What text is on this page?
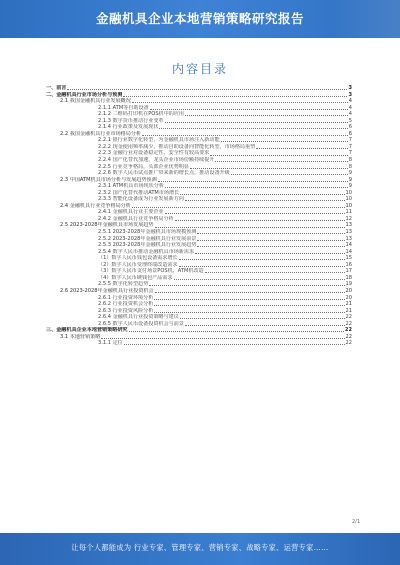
金融机具企业本地营销策略研究报告
内容目录
一、前言	3
二、金融机具行业市场分析与预测	3
2.1 我国金融机具行业发展概况	4
2.1.1 ATM等自助设备	4
2.1.2 二维码打印机在POS机中的应用	4
2.1.3 数字货币推动行业变革	5
2.1.4 行业政策及发展现状	6
2.2 我国金融机具行业市场格局分析	6
2.2.1 银行业数字化转型，为金融机具市场注入新动能	7
2.2.2 现金使用频率减少，推动自助设备向智能化转型，市场格局重塑	7
2.2.3 金融行业对设备稳定性、安全性有较高要求	7
2.2.4 国产化替代加速，龙头企业市场份额持续提升	8
2.2.5 行业竞争格局，头部企业优势明显	8
2.2.6 数字人民币试点推广带来新的增长点，推动设备升级	9
2.3 中国ATM机具市场分析与发展趋势预测	9
2.3.1 ATM机具市场现状分析	9
2.3.2 国产化替代推动ATM市场增长	10
2.3.3 智能化设备成为行业发展新方向	10
2.4 金融机具行业竞争格局分析	10
2.4.1 金融机具行业主要企业	11
2.4.2 金融机具行业竞争格局分析	12
2.5 2023-2028年金融机具市场发展趋势	13
2.5.1 2023-2028年金融机具市场规模预测	13
2.5.2 2023-2028年金融机具行业发展前景	13
2.5.3 2023-2028年金融机具行业发展趋势	14
2.5.4 数字人民币推动金融机具市场新需求	14
（1）数字人民币钱包设备需求增长	15
（2）数字人民币受理终端改造需求	16
（3）数字人民币支付场景POS机、ATM机改造	17
（4）数字人民币硬钱包产品需求	18
2.5.5 数字化转型趋势	19
2.6 2023-2028年金融机具行业投资机会	20
2.6.1 行业投资环境分析	20
2.6.2 行业投资机会分析	21
2.6.3 行业投资风险分析	21
2.6.4 金融机具行业投资策略与建议	22
2.6.5 数字人民币设备投资机会与前景	22
三、金融机具企业本地营销策略研究	22
3.1 本地营销策略	22
3.1.1 定位	22
2/1
让每个人都能成为 行业专家、管理专家、营销专家、战略专家、运营专家……
